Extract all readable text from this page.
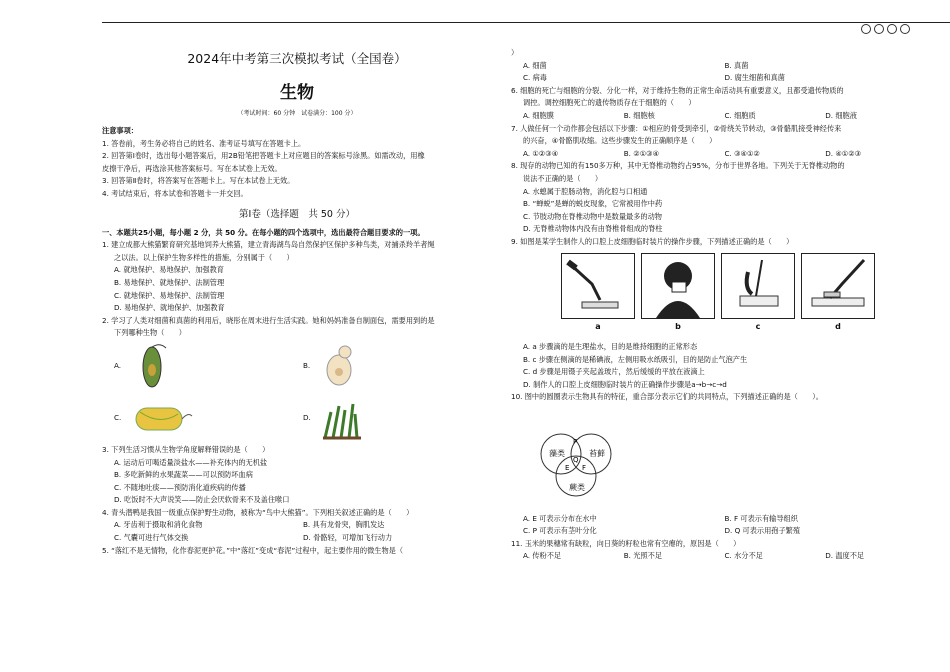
2024年中考第三次模拟考试（全国卷）
生物
（考试时间：60 分钟　试卷满分：100 分）
注意事项：
1. 答卷前，考生务必将自己的姓名、准考证号填写在答题卡上。
2. 回答第Ⅰ卷时，选出每小题答案后，用2B铅笔把答题卡上对应题目的答案标号涂黑。如需改动，用橡
皮擦干净后，再选涂其他答案标号。写在本试卷上无效。
3. 回答第Ⅱ卷时，将答案写在答题卡上。写在本试卷上无效。
4. 考试结束后，将本试卷和答题卡一并交回。
第Ⅰ卷（选择题　共 50 分）
一、本题共25小题，每小题 2 分，共 50 分。在每小题的四个选项中，选出最符合题目要求的一项。
1. 建立成都大熊猫繁育研究基地饲养大熊猫，建立青海湖鸟岛自然保护区保护多种鸟类，对捕杀羚羊者绳
之以法。以上保护生物多样性的措施，分别属于（　　）
A. 就地保护、易地保护、加强教育
B. 易地保护、就地保护、法制管理
C. 就地保护、易地保护、法制管理
D. 易地保护、就地保护、加强教育
2. 学习了人类对细菌和真菌的利用后，晓彤在周末进行生活实践。她和妈妈准备自制面包，需要用到的是
下列哪种生物（　　）
A.	B.
C.	D.
3. 下列生活习惯从生物学角度解释错误的是（　　）
A. 运动后可喝适量淡盐水——补充体内的无机盐
B. 多吃新鲜的水果蔬菜——可以预防坏血病
C. 不随地吐痰——预防消化道疾病的传播
D. 吃饭时不大声说笑——防止会厌软骨来不及盖住喉口
4. 青头潜鸭是我国一级重点保护野生动物，被称为“鸟中大熊猫”。下列相关叙述正确的是（　　）
A. 牙齿利于摄取和消化食物	B. 具有龙骨突，胸肌发达
C. 气囊可进行气体交换	D. 骨骼轻，可增加飞行动力
5. “落红不是无情物，化作春泥更护花。”中“落红”变成“春泥”过程中，起主要作用的微生物是（
）
A. 细菌	B. 真菌
C. 病毒	D. 腐生细菌和真菌
6. 细胞的死亡与细胞的分裂、分化一样，对于维持生物的正常生命活动具有重要意义，且都受遗传物质的
调控。调控细胞死亡的遗传物质存在于细胞的（　　）
A. 细胞膜	B. 细胞核	C. 细胞质	D. 细胞液
7. 人做任何一个动作都会包括以下步骤：①相应的骨受到牵引，②骨绕关节转动，③骨骼肌接受神经传来
的兴奋，④骨骼肌收缩。这些步骤发生的正确顺序是（　　）
A. ①②③④	B. ②①③④	C. ③④①②	D. ④①②③
8. 现存的动物已知的有150多万种，其中无脊椎动物约占95%，分布于世界各地。下列关于无脊椎动物的
说法不正确的是（　　）
A. 水螅属于腔肠动物，消化腔与口相通
B. “蝉蜕”是蝉的蜕皮现象，它常被用作中药
C. 节肢动物在脊椎动物中是数量最多的动物
D. 无脊椎动物体内没有由脊椎骨组成的脊柱
9. 如图是某学生制作人的口腔上皮细胞临时装片的操作步骤，下列描述正确的是（　　）
a	b	c	d
A. a 步骤滴的是生理盐水，目的是维持细胞的正常形态
B. c 步骤在侧滴的是稀碘液，左侧用吸水纸吸引，目的是防止气泡产生
C. d 步骤是用镊子夹起盖玻片，然后缓缓的平放在液滴上
D. 制作人的口腔上皮细胞临时装片的正确操作步骤是a→b→c→d
10. 图中的圆圈表示生物具有的特征，重合部分表示它们的共同特点，下列描述正确的是（　　）。
藻类	苔藓
蕨类
P
E
Q
F
A. E 可表示分布在水中	B. F 可表示有输导组织
C. P 可表示有茎叶分化	D. Q 可表示用孢子繁殖
11. 玉米的果穗常有缺粒，向日葵的籽粒也常有空瘪的，原因是（　　）
A. 传粉不足	B. 光照不足	C. 水分不足	D. 温度不足
